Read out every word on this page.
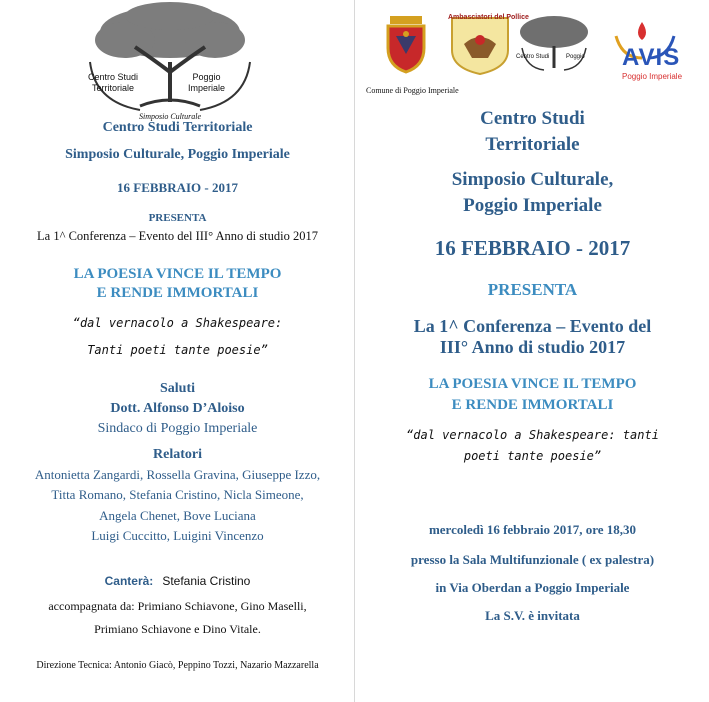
Centro Studi
Territoriale
Poggio
Imperiale
Simposio Culturale
Centro Studi Territoriale
Simposio Culturale, Poggio Imperiale
16 FEBBRAIO - 2017
PRESENTA
La 1^ Conferenza – Evento del III° Anno di studio 2017
LA POESIA VINCE IL TEMPO
E RENDE IMMORTALI
“dal vernacolo a Shakespeare:
Tanti poeti tante poesie”
Saluti
Dott. Alfonso D’Aloiso
Sindaco di Poggio Imperiale
Relatori
Antonietta Zangardi, Rossella Gravina, Giuseppe Izzo,
Titta Romano, Stefania Cristino, Nicla Simeone,
Angela Chenet, Bove Luciana
Luigi Cuccitto, Luigini Vincenzo
Canterà: Stefania Cristino
accompagnata da: Primiano Schiavone, Gino Maselli,
Primiano Schiavone e Dino Vitale.
Direzione Tecnica: Antonio Giacò, Peppino Tozzi, Nazario Mazzarella
Comune di Poggio Imperiale
Ambasciatori del Pollice
Centro Studi	Poggio AVIS
Poggio Imperiale
Centro Studi
Territoriale
Simposio Culturale,
Poggio Imperiale
16 FEBBRAIO - 2017
PRESENTA
La 1^ Conferenza – Evento del
III° Anno di studio 2017
LA POESIA VINCE IL TEMPO
E RENDE IMMORTALI
“dal vernacolo a Shakespeare: tanti
poeti tante poesie”
mercoledì 16 febbraio 2017, ore 18,30
presso la Sala Multifunzionale ( ex palestra)
in Via Oberdan a Poggio Imperiale
La S.V. è invitata
